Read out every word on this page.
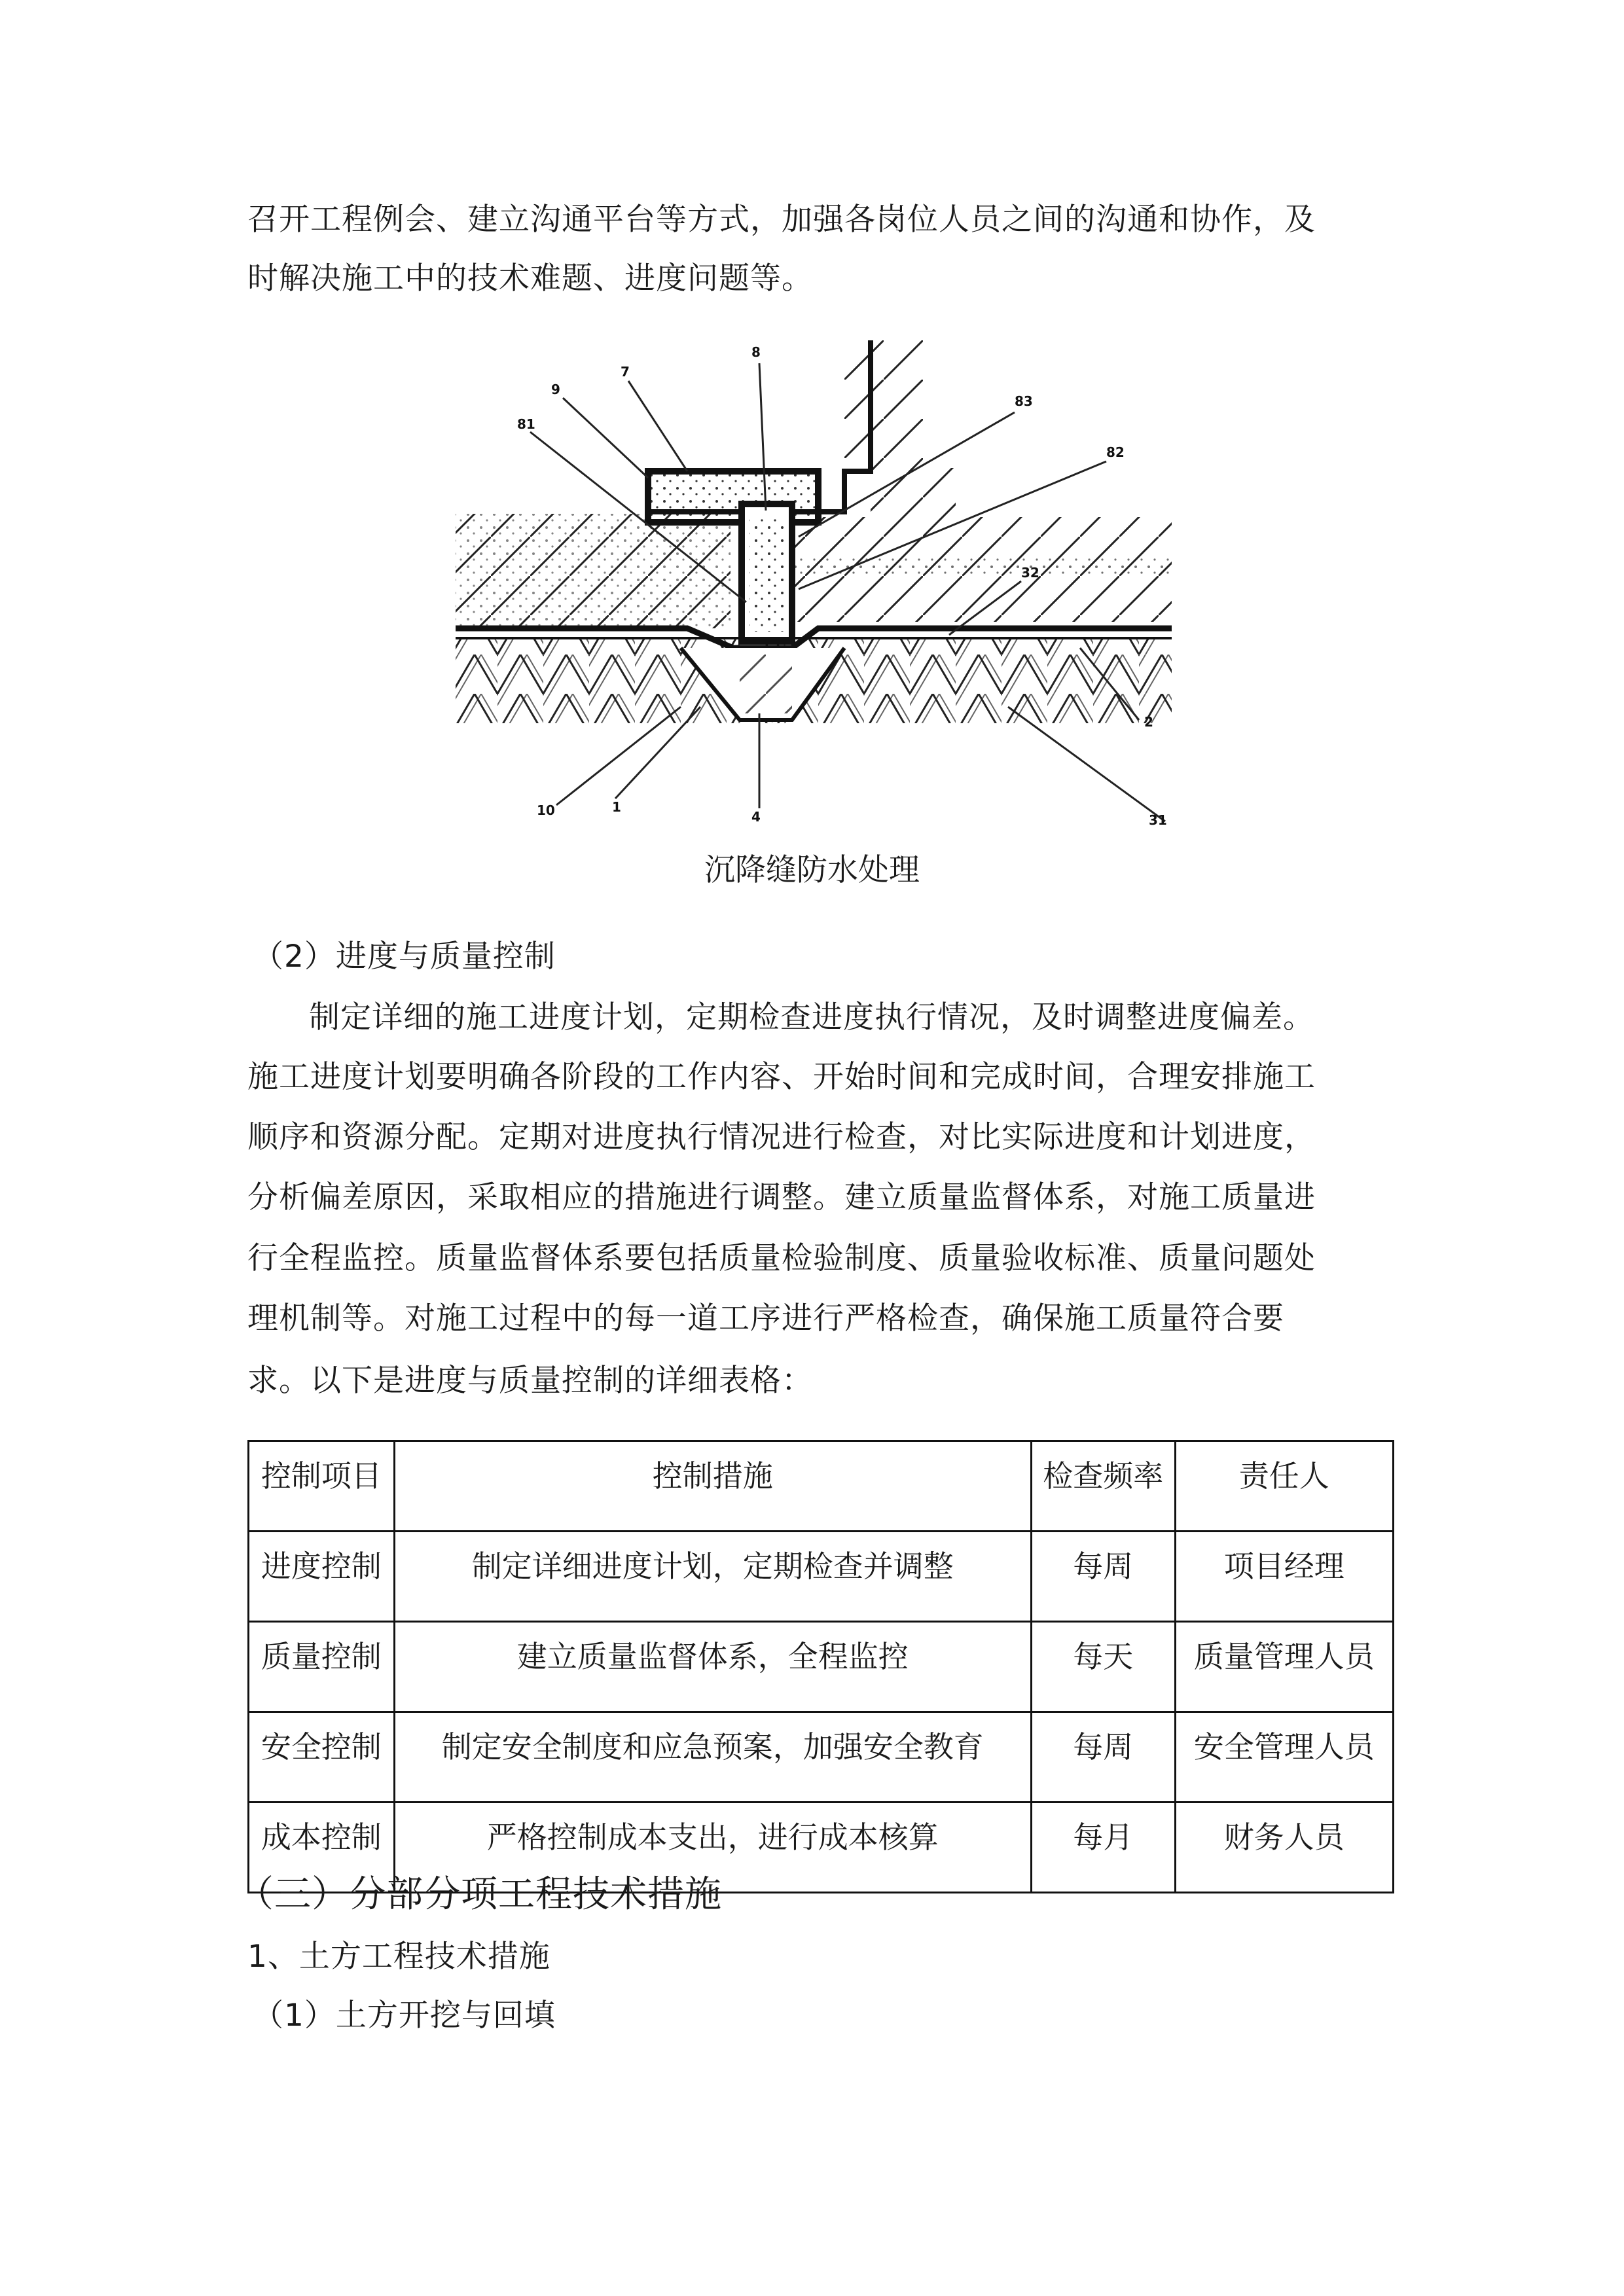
召开工程例会、建立沟通平台等方式，加强各岗位人员之间的沟通和协作，及
时解决施工中的技术难题、进度问题等。
7
8
9
81
83
82
32
2
10	1
4	31
沉降缝防水处理
（2）进度与质量控制
制定详细的施工进度计划，定期检查进度执行情况，及时调整进度偏差。
施工进度计划要明确各阶段的工作内容、开始时间和完成时间，合理安排施工
顺序和资源分配。定期对进度执行情况进行检查，对比实际进度和计划进度，
分析偏差原因，采取相应的措施进行调整。建立质量监督体系，对施工质量进
行全程监控。质量监督体系要包括质量检验制度、质量验收标准、质量问题处
理机制等。对施工过程中的每一道工序进行严格检查，确保施工质量符合要
求。以下是进度与质量控制的详细表格：
控制项目	控制措施	检查频率	责任人
进度控制	制定详细进度计划，定期检查并调整	每周	项目经理
质量控制	建立质量监督体系，全程监控	每天	质量管理人员
安全控制	制定安全制度和应急预案，加强安全教育	每周	安全管理人员
成本控制	严格控制成本支出，进行成本核算	每月	财务人员
（三）分部分项工程技术措施
1、土方工程技术措施
（1）土方开挖与回填
